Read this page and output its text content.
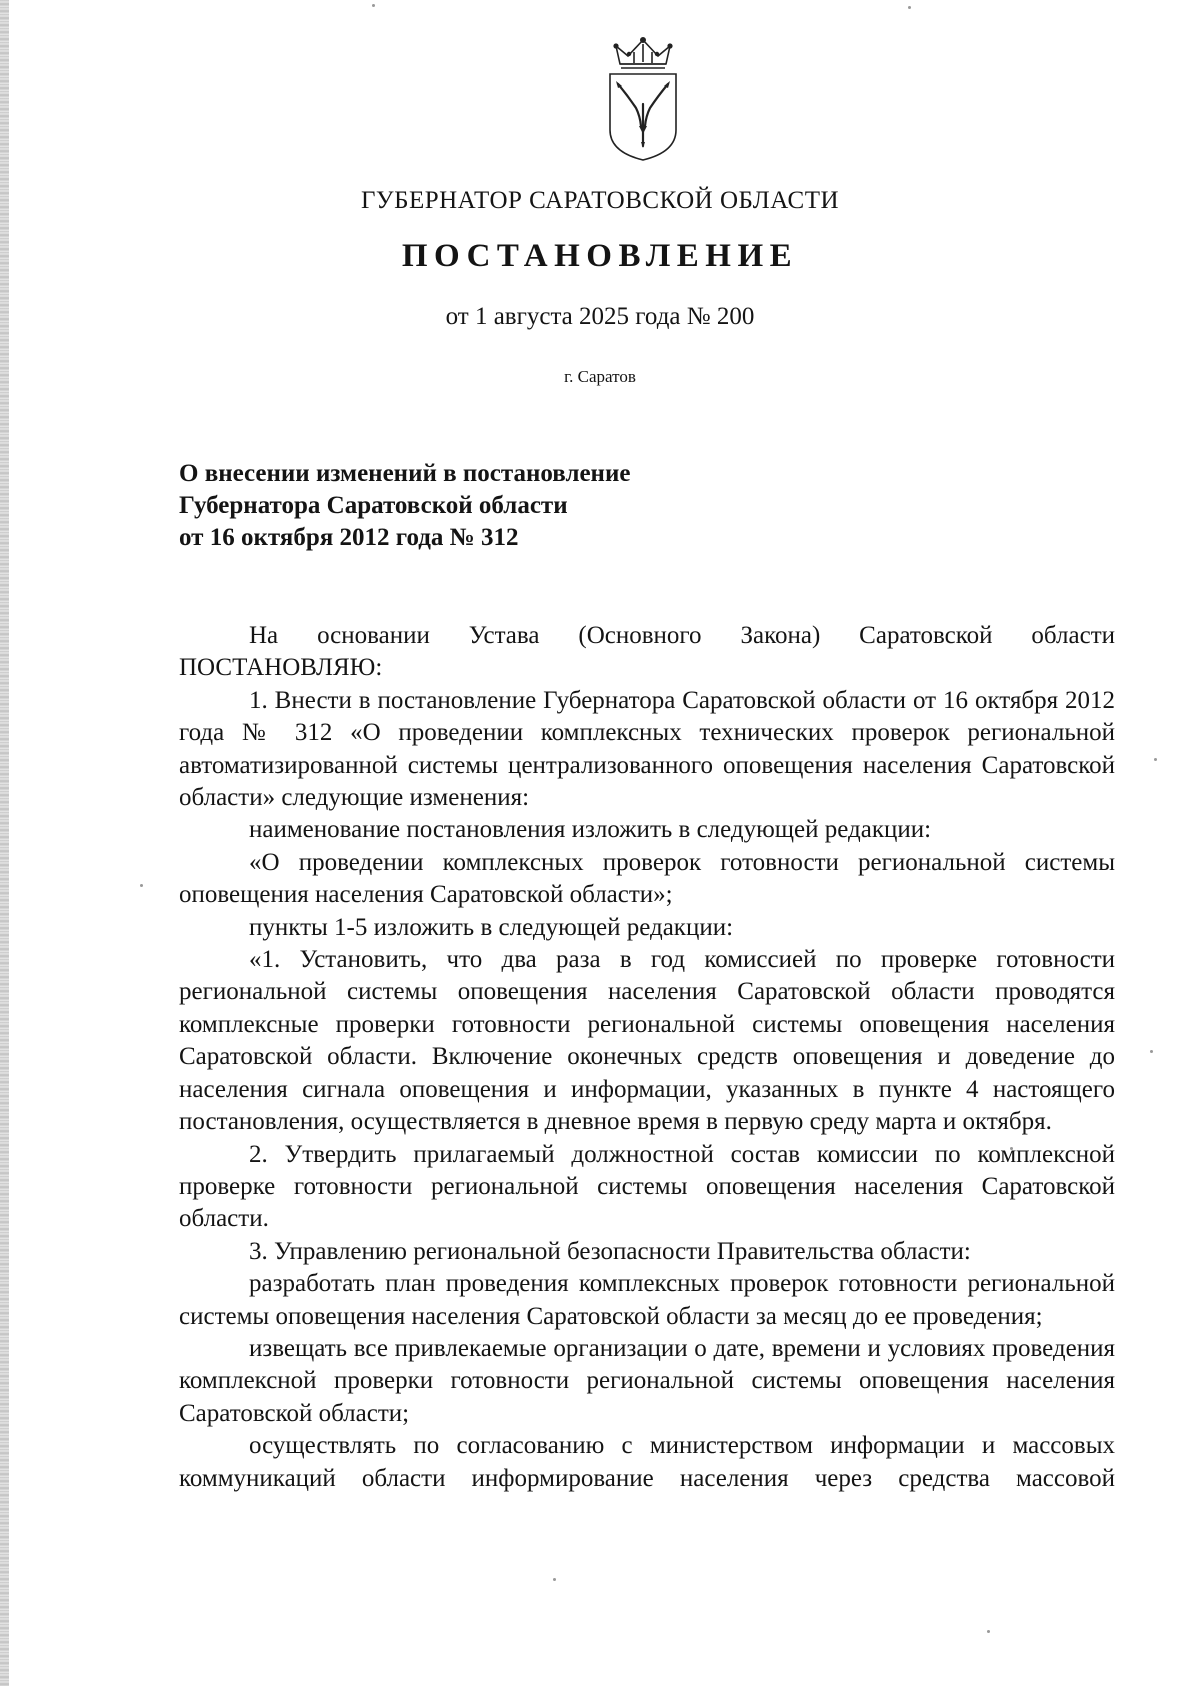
ГУБЕРНАТОР САРАТОВСКОЙ ОБЛАСТИ
ПОСТАНОВЛЕНИЕ
от 1 августа 2025 года № 200
г. Саратов
О внесении изменений в постановление
Губернатора Саратовской области
от 16 октября 2012 года № 312

На основании Устава (Основного Закона) Саратовской области

ПОСТАНОВЛЯЮ:

1. Внести в постановление Губернатора Саратовской области от 16 октября 2012 года № 312 «О проведении комплексных технических проверок региональной автоматизированной системы централизованного оповещения населения Саратовской области» следующие изменения:

наименование постановления изложить в следующей редакции:

«О проведении комплексных проверок готовности региональной системы оповещения населения Саратовской области»;

пункты 1-5 изложить в следующей редакции:

«1. Установить, что два раза в год комиссией по проверке готовности региональной системы оповещения населения Саратовской области проводятся комплексные проверки готовности региональной системы оповещения населения Саратовской области. Включение оконечных средств оповещения и доведение до населения сигнала оповещения и информации, указанных в пункте 4 настоящего постановления, осуществляется в дневное время в первую среду марта и октября.

2. Утвердить прилагаемый должностной состав комиссии по комплексной проверке готовности региональной системы оповещения населения Саратовской области.

3. Управлению региональной безопасности Правительства области:

разработать план проведения комплексных проверок готовности региональной системы оповещения населения Саратовской области за месяц до ее проведения;

извещать все привлекаемые организации о дате, времени и условиях проведения комплексной проверки готовности региональной системы оповещения населения Саратовской области;

осуществлять по согласованию с министерством информации и массовых коммуникаций области информирование населения через средства массовой
